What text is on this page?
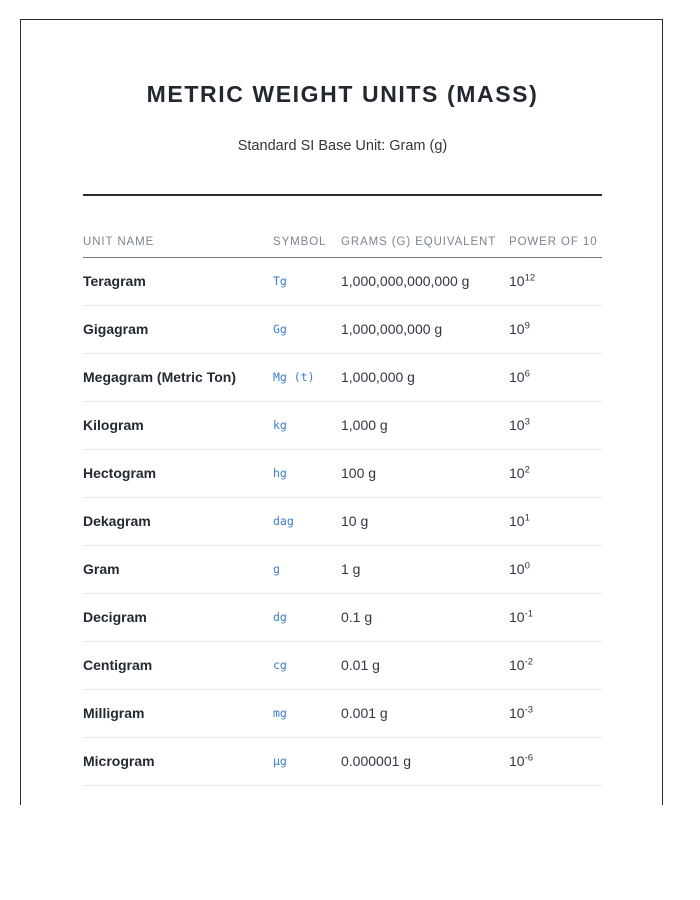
METRIC WEIGHT UNITS (MASS)

Standard SI Base Unit: Gram (g)

UNIT NAME	SYMBOL	GRAMS (G) EQUIVALENT	POWER OF 10
Teragram	Tg	1,000,000,000,000 g	$10^{12}$
Gigagram	Gg	1,000,000,000 g	$10^9$
Megagram (Metric Ton)	Mg (t)	1,000,000 g	$10^6$
Kilogram	kg	1,000 g	$10^3$
Hectogram	hg	100 g	$10^2$
Dekagram	dag	10 g	$10^1$
Gram	g	1 g	$10^0$
Decigram	dg	0.1 g	$10^{-1}$
Centigram	cg	0.01 g	$10^{-2}$
Milligram	mg	0.001 g	$10^{-3}$
Microgram	µg	0.000001 g	$10^{-6}$
